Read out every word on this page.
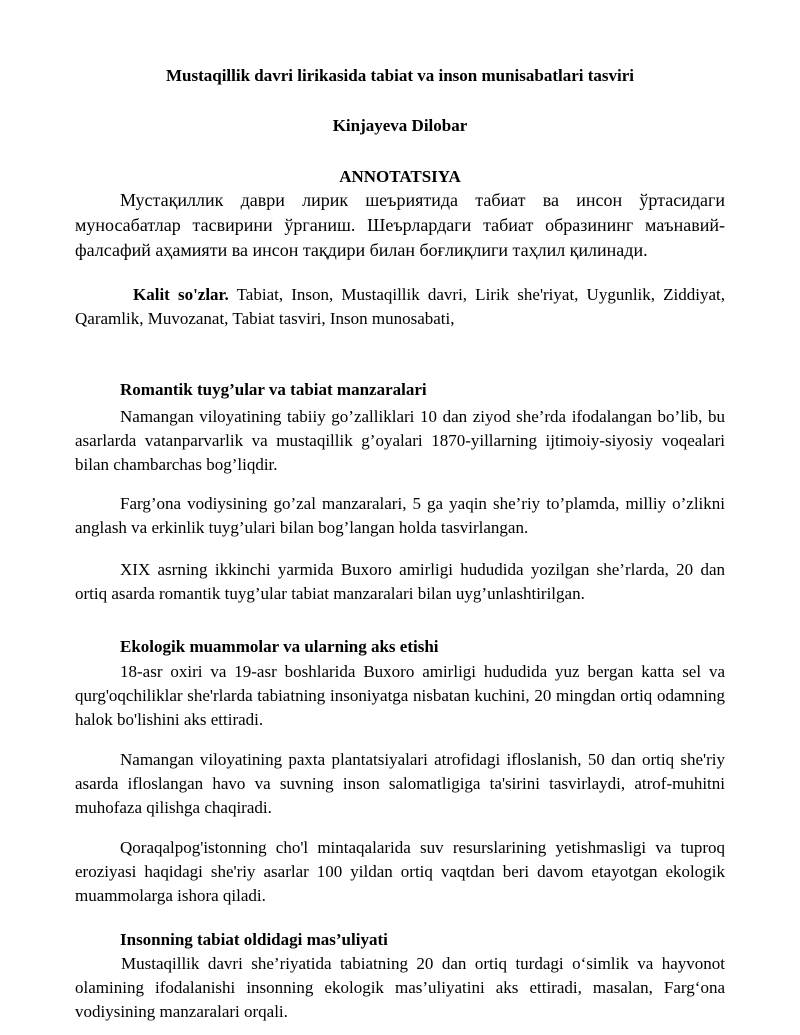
Mustaqillik davri lirikasida tabiat va inson munisabatlari tasviri
Kinjayeva Dilobar
ANNOTATSIYA
Мустақиллик даври лирик шеъриятида табиат ва инсон ўртасидаги муносабатлар тасвирини ўрганиш. Шеърлардаги табиат образининг маънавий-фалсафий аҳамияти ва инсон тақдири билан боғлиқлиги таҳлил қилинади.
Kalit so'zlar. Tabiat, Inson, Mustaqillik davri, Lirik she'riyat, Uygunlik, Ziddiyat, Qaramlik, Muvozanat, Tabiat tasviri, Inson munosabati,
Romantik tuyg’ular va tabiat manzaralari
Namangan viloyatining tabiiy go’zalliklari 10 dan ziyod she’rda ifodalangan bo’lib, bu asarlarda vatanparvarlik va mustaqillik g’oyalari 1870-yillarning ijtimoiy-siyosiy voqealari bilan chambarchas bog’liqdir.
Farg’ona vodiysining go’zal manzaralari, 5 ga yaqin she’riy to’plamda, milliy o’zlikni anglash va erkinlik tuyg’ulari bilan bog’langan holda tasvirlangan.
XIX asrning ikkinchi yarmida Buxoro amirligi hududida yozilgan she’rlarda, 20 dan ortiq asarda romantik tuyg’ular tabiat manzaralari bilan uyg’unlashtirilgan.
Ekologik muammolar va ularning aks etishi
18-asr oxiri va 19-asr boshlarida Buxoro amirligi hududida yuz bergan katta sel va qurg'oqchiliklar she'rlarda tabiatning insoniyatga nisbatan kuchini, 20 mingdan ortiq odamning halok bo'lishini aks ettiradi.
Namangan viloyatining paxta plantatsiyalari atrofidagi ifloslanish, 50 dan ortiq she'riy asarda ifloslangan havo va suvning inson salomatligiga ta'sirini tasvirlaydi, atrof-muhitni muhofaza qilishga chaqiradi.
Qoraqalpog'istonning cho'l mintaqalarida suv resurslarining yetishmasligi va tuproq eroziyasi haqidagi she'riy asarlar 100 yildan ortiq vaqtdan beri davom etayotgan ekologik muammolarga ishora qiladi.
Insonning tabiat oldidagi mas’uliyati
Mustaqillik davri she’riyatida tabiatning 20 dan ortiq turdagi o‘simlik va hayvonot olamining ifodalanishi insonning ekologik mas’uliyatini aks ettiradi, masalan, Farg‘ona vodiysining manzaralari orqali.
